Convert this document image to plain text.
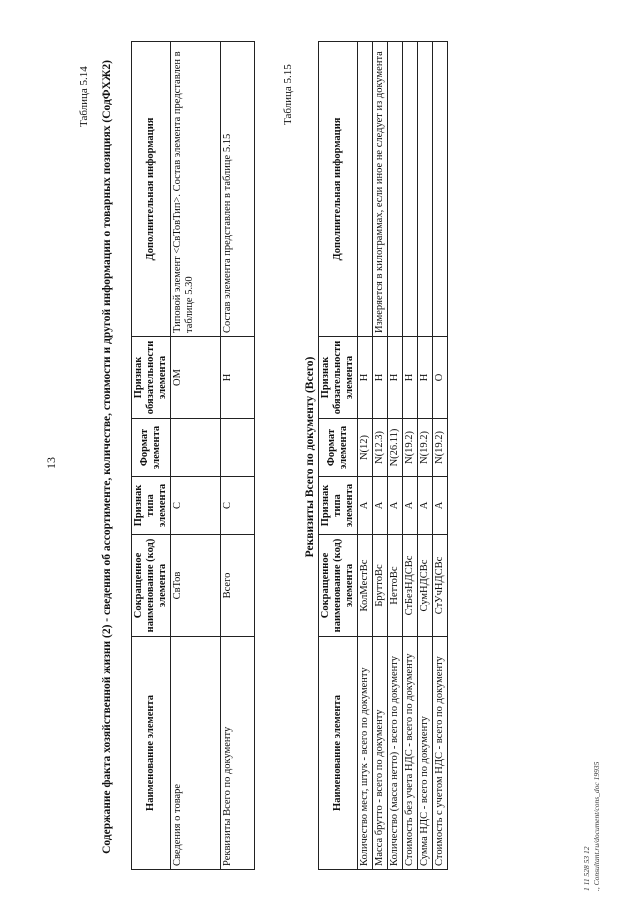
13
Таблица 5.14 Содержание факта хозяйственной жизни (2) - сведения об ассортименте, количестве, стоимости и другой информации о товарных позициях (СодФХЖ2)	Наименование элемента	Сокращенное наименование (код) элемента	Признак типа элемента	Формат элемента	Признак обязательности элемента	Дополнительная информация
Сведения о товаре	СвТов	С		ОМ	Типовой элемент <СвТовТип>. Состав элемента представлен в таблице 5.30
Реквизиты Всего по документу	Всего	С		Н	Состав элемента представлен в таблице 5.15
Таблица 5.15
Реквизиты Всего по документу (Всего)
Наименование элемента	Сокращенное наименование (код) элемента	Признак типа элемента	Формат элемента	Признак обязательности элемента	Дополнительная информация
Количество мест, штук - всего по документу	КолМестВс	А	N(12)	Н	
Масса брутто - всего по документу	БруттоВс	А	N(12.3)	Н	Измеряется в килограммах, если иное не следует из документа
Количество (масса нетто) - всего по документу	НеттоВс	А	N(26.11)	Н	
Стоимость без учета НДС - всего по документу	СтБезНДСВс	А	N(19.2)	Н	
Сумма НДС - всего по документу	СумНДСВс	А	N(19.2)	Н	
Стоимость с учетом НДС - всего по документу	СтУчНДСВс	А	N(19.2)	О	
1 11 528 53 12 ., Consultant.ru/document/cons_doc 19935
